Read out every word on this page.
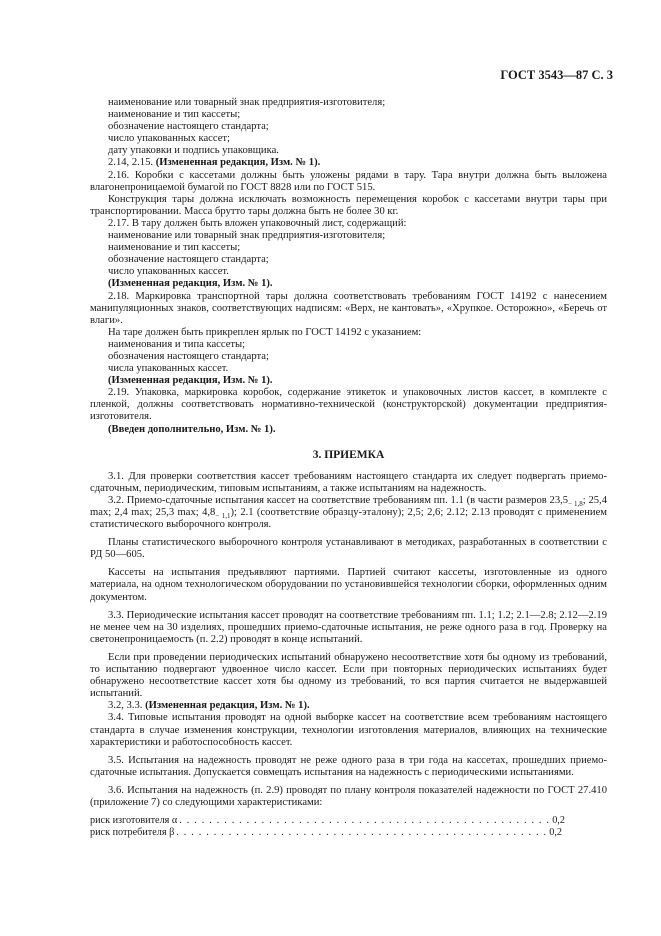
ГОСТ 3543—87 С. 3

наименование или товарный знак предприятия-изготовителя;

наименование и тип кассеты;

обозначение настоящего стандарта;

число упакованных кассет;

дату упаковки и подпись упаковщика.

2.14, 2.15. (Измененная редакция, Изм. № 1).

2.16. Коробки с кассетами должны быть уложены рядами в тару. Тара внутри должна быть выложена влагонепроницаемой бумагой по ГОСТ 8828 или по ГОСТ 515.

Конструкция тары должна исключать возможность перемещения коробок с кассетами внутри тары при транспортировании. Масса брутто тары должна быть не более 30 кг.

2.17. В тару должен быть вложен упаковочный лист, содержащий:

наименование или товарный знак предприятия-изготовителя;

наименование и тип кассеты;

обозначение настоящего стандарта;

число упакованных кассет.

(Измененная редакция, Изм. № 1).

2.18. Маркировка транспортной тары должна соответствовать требованиям ГОСТ 14192 с нанесением манипуляционных знаков, соответствующих надписям: «Верх, не кантовать», «Хрупкое. Осторожно», «Беречь от влаги».

На таре должен быть прикреплен ярлык по ГОСТ 14192 с указанием:

наименования и типа кассеты;

обозначения настоящего стандарта;

числа упакованных кассет.

(Измененная редакция, Изм. № 1).

2.19. Упаковка, маркировка коробок, содержание этикеток и упаковочных листов кассет, в комплекте с пленкой, должны соответствовать нормативно-технической (конструкторской) документации предприятия-изготовителя.

(Введен дополнительно, Изм. № 1).

3. ПРИЕМКА

3.1. Для проверки соответствия кассет требованиям настоящего стандарта их следует подвергать приемо-сдаточным, периодическим, типовым испытаниям, а также испытаниям на надежность.

3.2. Приемо-сдаточные испытания кассет на соответствие требованиям пп. 1.1 (в части размеров $23,5_{- 1,8}$; 25,4 max; 2,4 max; 25,3 max; $4,8_{- 1,1}$); 2.1 (соответствие образцу-эталону); 2,5; 2,6; 2.12; 2.13 проводят с применением статистического выборочного контроля.

Планы статистического выборочного контроля устанавливают в методиках, разработанных в соответствии с РД 50—605.

Кассеты на испытания предъявляют партиями. Партией считают кассеты, изготовленные из одного материала, на одном технологическом оборудовании по установившейся технологии сборки, оформленных одним документом.

3.3. Периодические испытания кассет проводят на соответствие требованиям пп. 1.1; 1.2; 2.1—2.8; 2.12—2.19 не менее чем на 30 изделиях, прошедших приемо-сдаточные испытания, не реже одного раза в год. Проверку на светонепроницаемость (п. 2.2) проводят в конце испытаний.

Если при проведении периодических испытаний обнаружено несоответствие хотя бы одному из требований, то испытанию подвергают удвоенное число кассет. Если при повторных периодических испытаниях будет обнаружено несоответствие кассет хотя бы одному из требований, то вся партия считается не выдержавшей испытаний.

3.2, 3.3. (Измененная редакция, Изм. № 1).

3.4. Типовые испытания проводят на одной выборке кассет на соответствие всем требованиям настоящего стандарта в случае изменения конструкции, технологии изготовления материалов, влияющих на технические характеристики и работоспособность кассет.

3.5. Испытания на надежность проводят не реже одного раза в три года на кассетах, прошедших приемо-сдаточные испытания. Допускается совмещать испытания на надежность с периодическими испытаниями.

3.6. Испытания на надежность (п. 2.9) проводят по плану контроля показателей надежности по ГОСТ 27.410 (приложение 7) со следующими характеристиками:

риск изготовителя α . . . . . . . . . . . . . . . . . . . . . . . . . . . . . . . . . . . . . . . . . . . . . . . . . . 0,2
риск потребителя β . . . . . . . . . . . . . . . . . . . . . . . . . . . . . . . . . . . . . . . . . . . . . . . . . . 0,2
